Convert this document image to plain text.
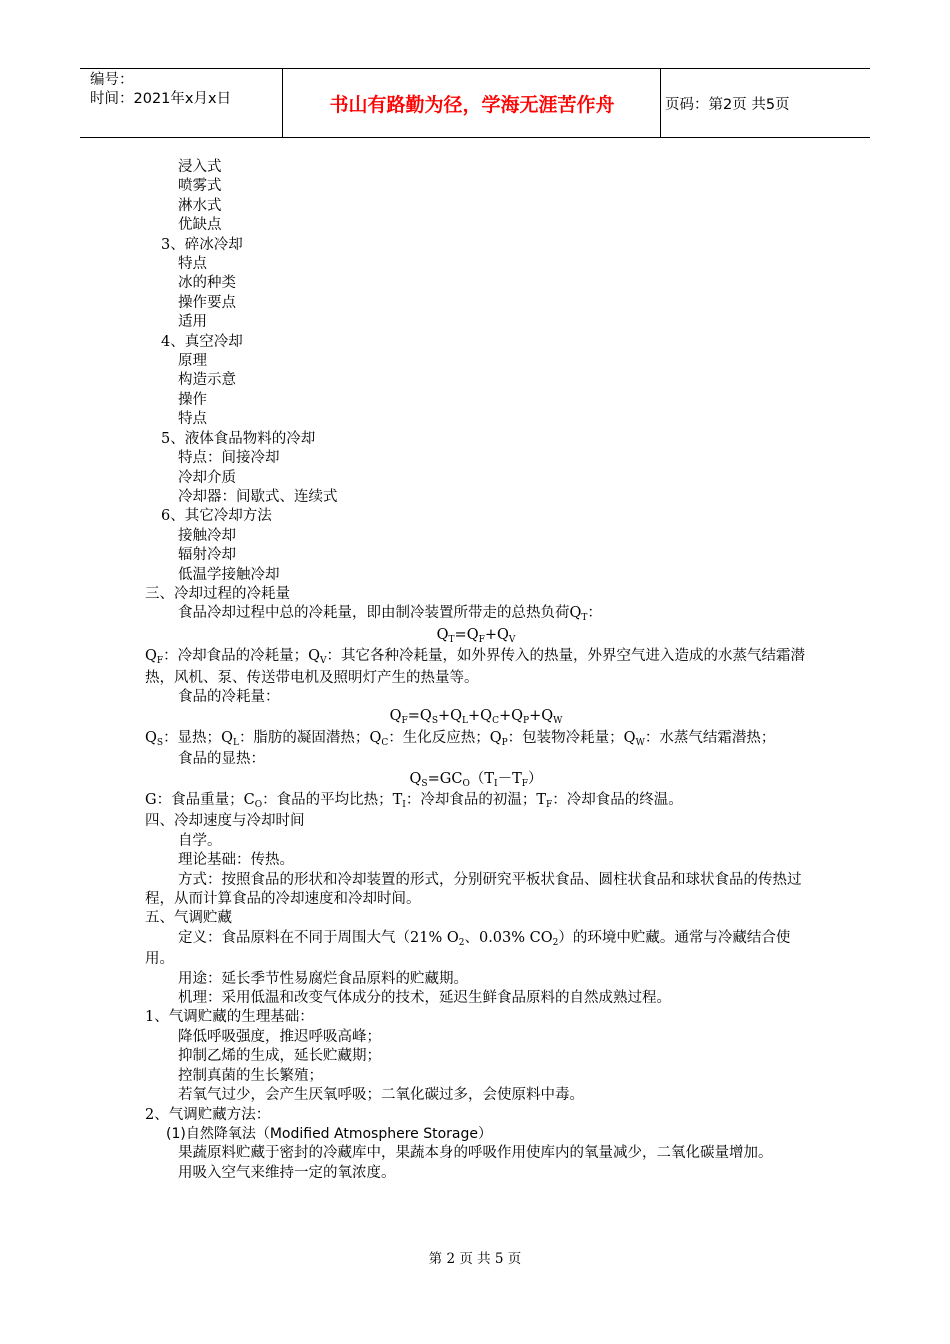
编号：
时间：2021年x月x日	书山有路勤为径，学海无涯苦作舟	页码：第2页 共5页
浸入式
喷雾式
淋水式
优缺点
3、碎冰冷却
特点
冰的种类
操作要点
适用
4、真空冷却
原理
构造示意
操作
特点
5、液体食品物料的冷却
特点：间接冷却
冷却介质
冷却器：间歇式、连续式
6、其它冷却方法
接触冷却
辐射冷却
低温学接触冷却
三、冷却过程的冷耗量
食品冷却过程中总的冷耗量，即由制冷装置所带走的总热负荷$Q_T$：
$Q_T=Q_F+Q_V$
$Q_F$：冷却食品的冷耗量；$Q_V$：其它各种冷耗量，如外界传入的热量，外界空气进入造成的水蒸气结霜潜热，风机、泵、传送带电机及照明灯产生的热量等。
食品的冷耗量：
$Q_F=Q_S+Q_L+Q_C+Q_P+Q_W$
$Q_S$：显热；$Q_L$：脂肪的凝固潜热；$Q_C$：生化反应热；$Q_P$：包装物冷耗量；$Q_W$：水蒸气结霜潜热；
食品的显热：
$Q_S=GC_O(T_I-T_F)$
G：食品重量；$C_O$：食品的平均比热；$T_I$：冷却食品的初温；$T_F$：冷却食品的终温。
四、冷却速度与冷却时间
自学。
理论基础：传热。
方式：按照食品的形状和冷却装置的形式，分别研究平板状食品、圆柱状食品和球状食品的传热过程，从而计算食品的冷却速度和冷却时间。
五、气调贮藏
定义：食品原料在不同于周围大气（21% $O_2$、0.03% $CO_2$）的环境中贮藏。通常与冷藏结合使用。
用途：延长季节性易腐烂食品原料的贮藏期。
机理：采用低温和改变气体成分的技术，延迟生鲜食品原料的自然成熟过程。
1、气调贮藏的生理基础：
降低呼吸强度，推迟呼吸高峰；
抑制乙烯的生成，延长贮藏期；
控制真菌的生长繁殖；
若氧气过少，会产生厌氧呼吸；二氧化碳过多，会使原料中毒。
2、气调贮藏方法：
(1)自然降氧法（Modified Atmosphere Storage）
果蔬原料贮藏于密封的冷藏库中，果蔬本身的呼吸作用使库内的氧量减少，二氧化碳量增加。
用吸入空气来维持一定的氧浓度。
第 2 页 共 5 页
